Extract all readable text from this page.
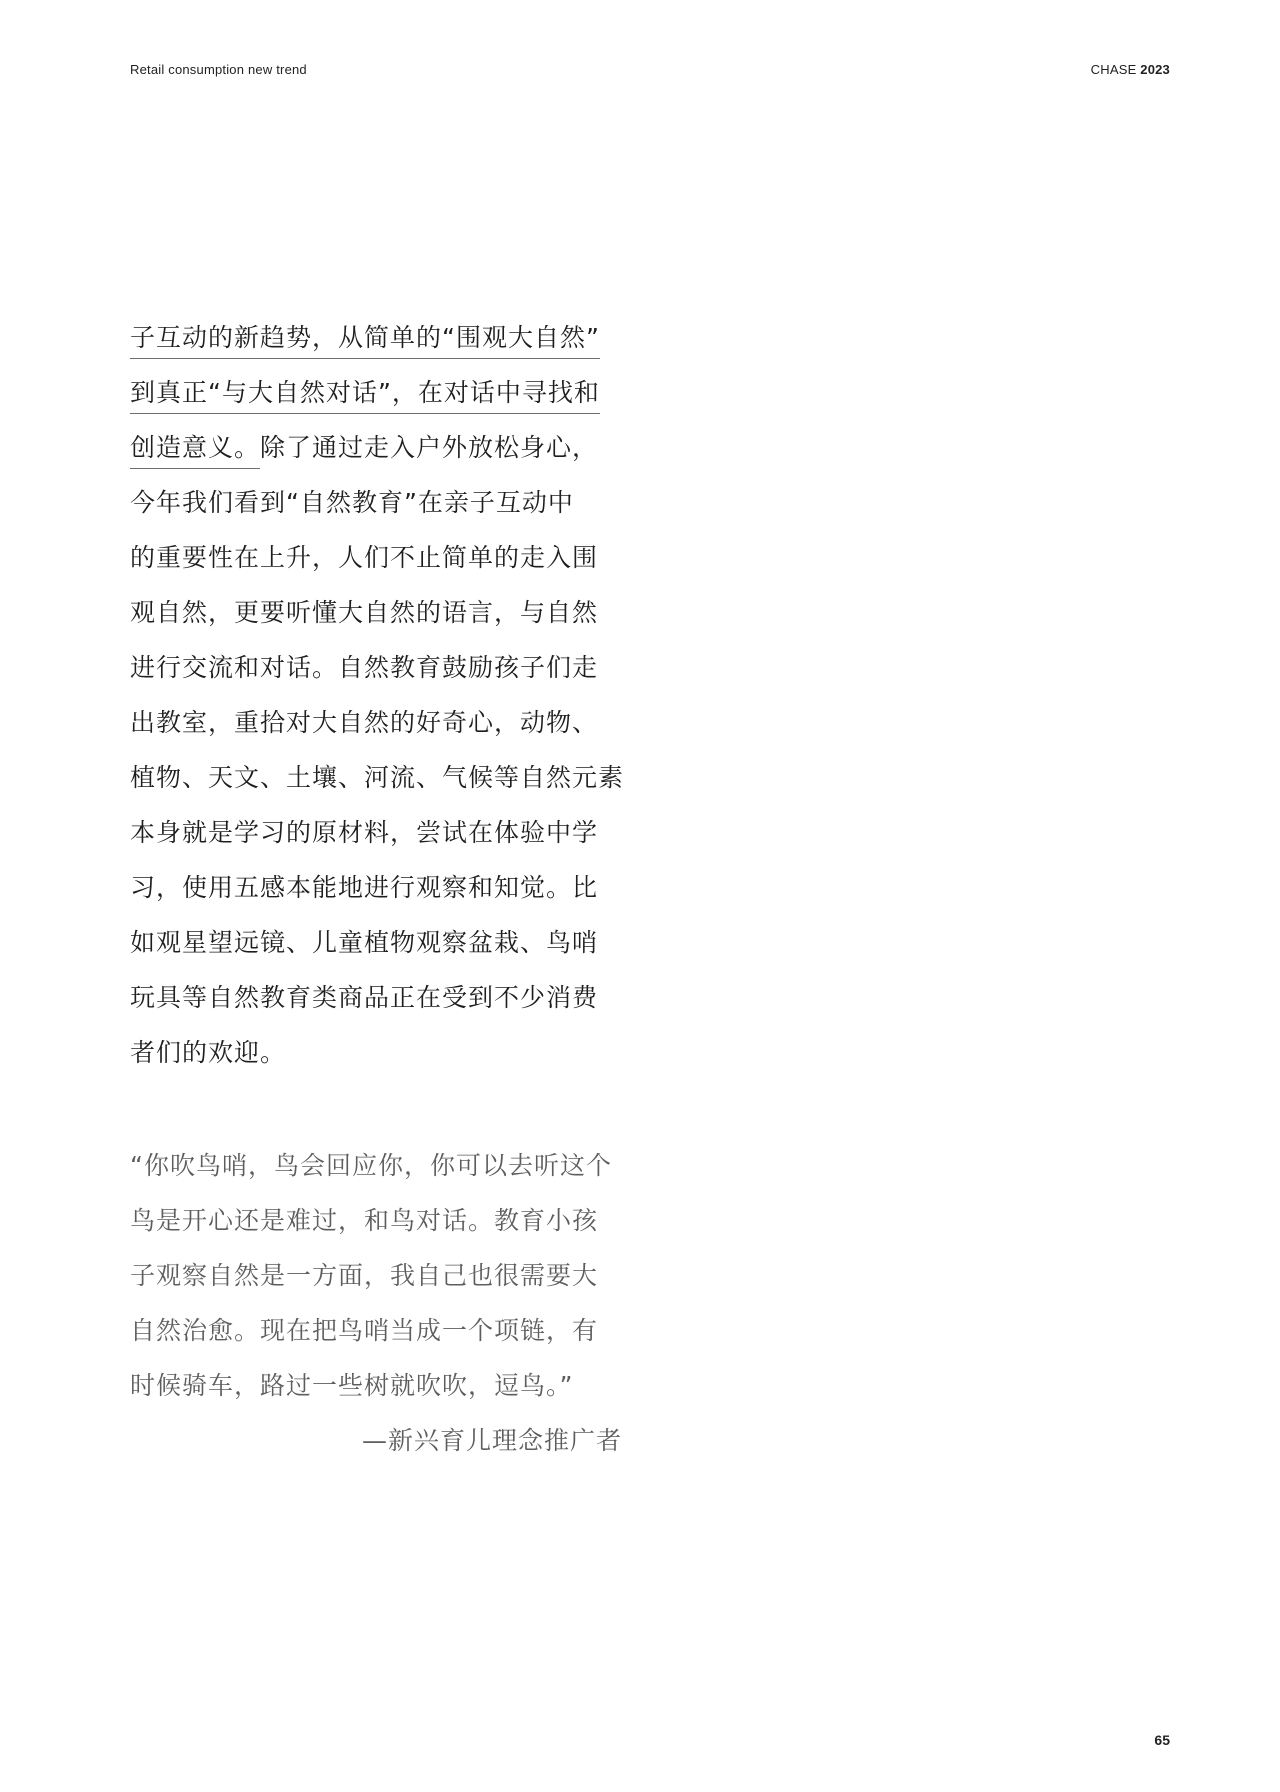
Retail consumption new trend	CHASE 2023
子互动的新趋势，从简单的“围观大自然”
到真正“与大自然对话”，在对话中寻找和
创造意义。除了通过走入户外放松身心，
今年我们看到“自然教育”在亲子互动中
的重要性在上升，人们不止简单的走入围
观自然，更要听懂大自然的语言，与自然
进行交流和对话。自然教育鼓励孩子们走
出教室，重拾对大自然的好奇心，动物、
植物、天文、土壤、河流、气候等自然元素
本身就是学习的原材料，尝试在体验中学
习，使用五感本能地进行观察和知觉。比
如观星望远镜、儿童植物观察盆栽、鸟哨
玩具等自然教育类商品正在受到不少消费
者们的欢迎。
“你吹鸟哨，鸟会回应你，你可以去听这个
鸟是开心还是难过，和鸟对话。教育小孩
子观察自然是一方面，我自己也很需要大
自然治愈。现在把鸟哨当成一个项链，有
时候骑车，路过一些树就吹吹，逗鸟。”
—新兴育儿理念推广者
65
